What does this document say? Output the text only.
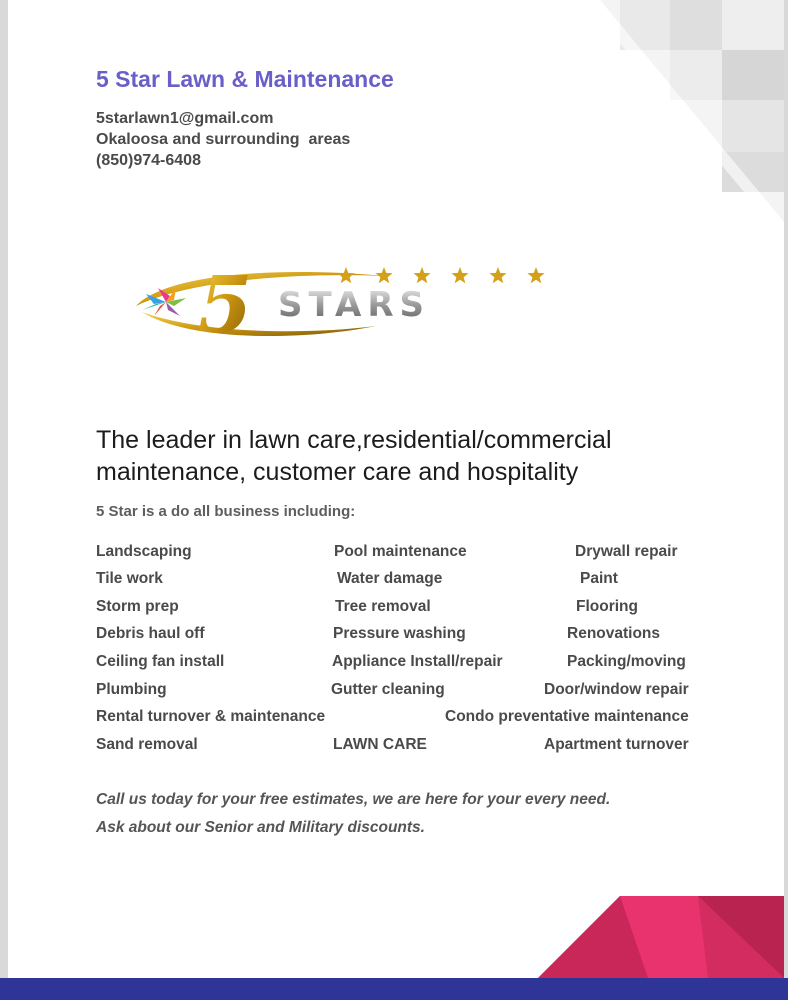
5 Star Lawn & Maintenance
5starlawn1@gmail.com
Okaloosa and surrounding  areas
(850)974-6408
5 STARS
The leader in lawn care,residential/commercial maintenance, customer care and hospitality
5 Star is a do all business including:
Landscaping	Pool maintenance	Drywall repair
Tile work	Water damage	Paint
Storm prep	Tree removal	Flooring
Debris haul off	Pressure washing	Renovations
Ceiling fan install	Appliance Install/repair	Packing/moving
Plumbing	Gutter cleaning	Door/window repair
Rental turnover & maintenance	Condo preventative maintenance
Sand removal	LAWN CARE	Apartment turnover
Call us today for your free estimates, we are here for your every need.
Ask about our Senior and Military discounts.
